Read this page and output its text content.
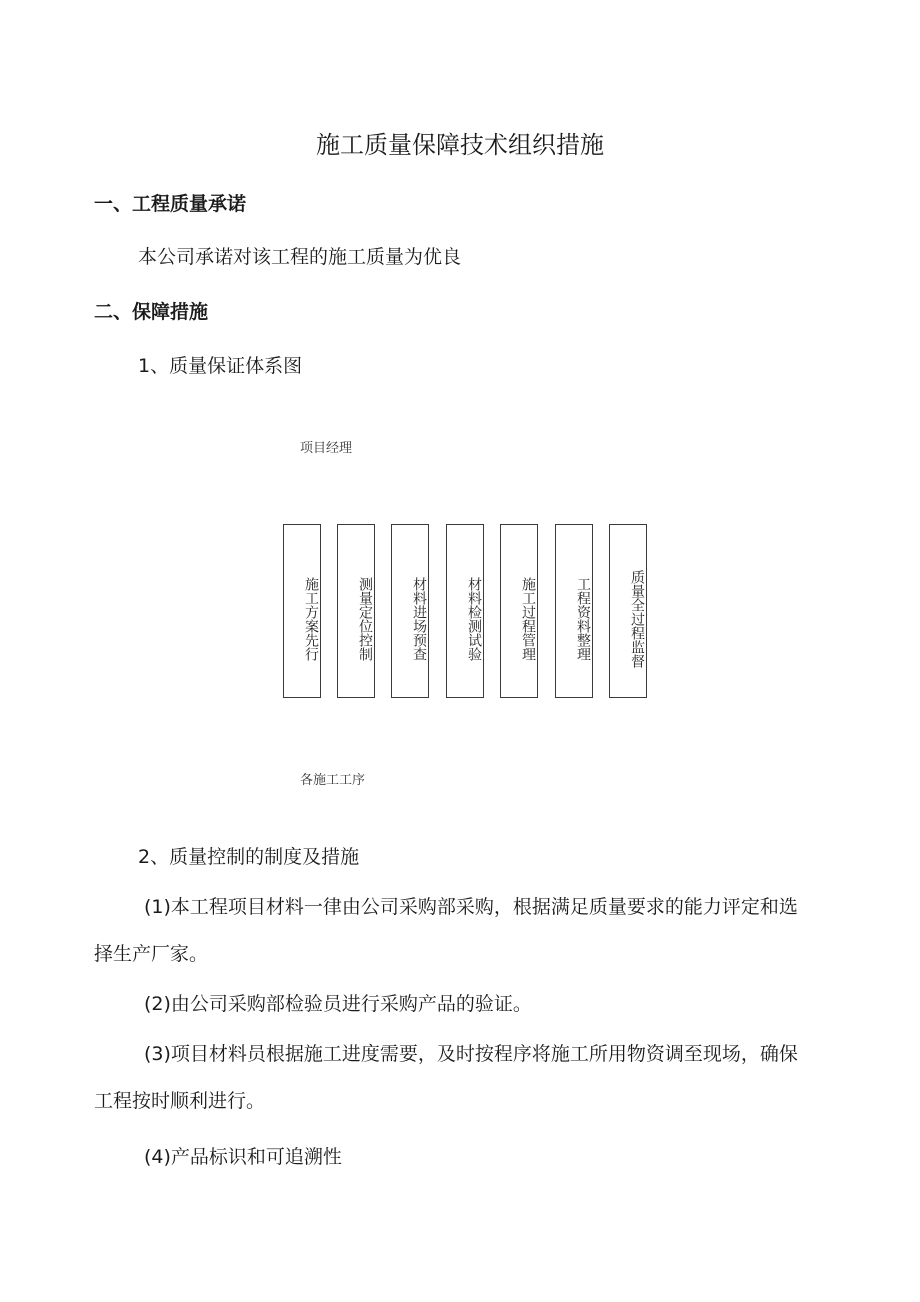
施工质量保障技术组织措施
一、工程质量承诺
本公司承诺对该工程的施工质量为优良
二、保障措施
1、质量保证体系图
项目经理
施工方案先行	测量定位控制	材料进场预查	材料检测试验	施工过程管理	工程资料整理	质量全过程监督
各施工工序
2、质量控制的制度及措施
(1)本工程项目材料一律由公司采购部采购，根据满足质量要求的能力评定和选
择生产厂家。
(2)由公司采购部检验员进行采购产品的验证。
(3)项目材料员根据施工进度需要，及时按程序将施工所用物资调至现场，确保
工程按时顺利进行。
(4)产品标识和可追溯性
